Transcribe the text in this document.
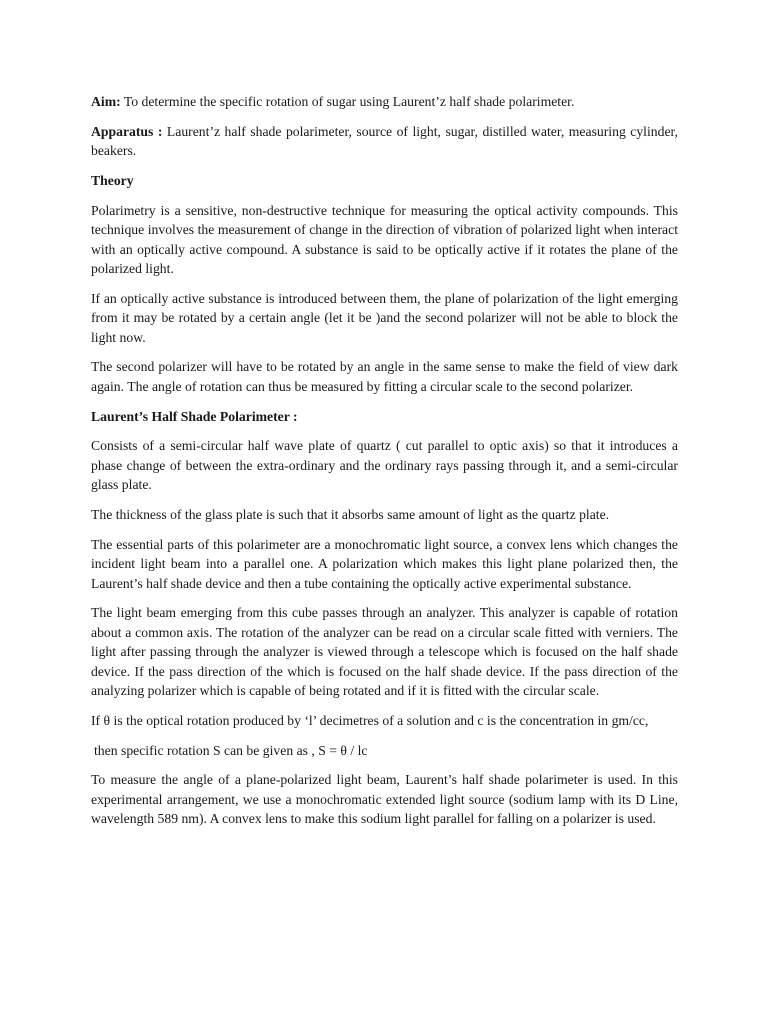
Aim: To determine the specific rotation of sugar using Laurent’z half shade polarimeter.

Apparatus : Laurent’z half shade polarimeter, source of light, sugar, distilled water, measuring cylinder, beakers.

Theory

Polarimetry is a sensitive, non-destructive technique for measuring the optical activity compounds. This technique involves the measurement of change in the direction of vibration of polarized light when interact with an optically active compound. A substance is said to be optically active if it rotates the plane of the polarized light.

If an optically active substance is introduced between them, the plane of polarization of the light emerging from it may be rotated by a certain angle (let it be )and the second polarizer will not be able to block the light now.

The second polarizer will have to be rotated by an angle in the same sense to make the field of view dark again. The angle of rotation can thus be measured by fitting a circular scale to the second polarizer.

Laurent’s Half Shade Polarimeter :

Consists of a semi-circular half wave plate of quartz ( cut parallel to optic axis) so that it introduces a phase change of between the extra-ordinary and the ordinary rays passing through it, and a semi-circular glass plate.

The thickness of the glass plate is such that it absorbs same amount of light as the quartz plate.

The essential parts of this polarimeter are a monochromatic light source, a convex lens which changes the incident light beam into a parallel one. A polarization which makes this light plane polarized then, the Laurent’s half shade device and then a tube containing the optically active experimental substance.

The light beam emerging from this cube passes through an analyzer. This analyzer is capable of rotation about a common axis. The rotation of the analyzer can be read on a circular scale fitted with verniers. The light after passing through the analyzer is viewed through a telescope which is focused on the half shade device. If the pass direction of the which is focused on the half shade device. If the pass direction of the analyzing polarizer which is capable of being rotated and if it is fitted with the circular scale.

If θ is the optical rotation produced by ‘l’ decimetres of a solution and c is the concentration in gm/cc,

then specific rotation S can be given as , S = θ / lc

To measure the angle of a plane-polarized light beam, Laurent’s half shade polarimeter is used. In this experimental arrangement, we use a monochromatic extended light source (sodium lamp with its D Line, wavelength 589 nm). A convex lens to make this sodium light parallel for falling on a polarizer is used.
